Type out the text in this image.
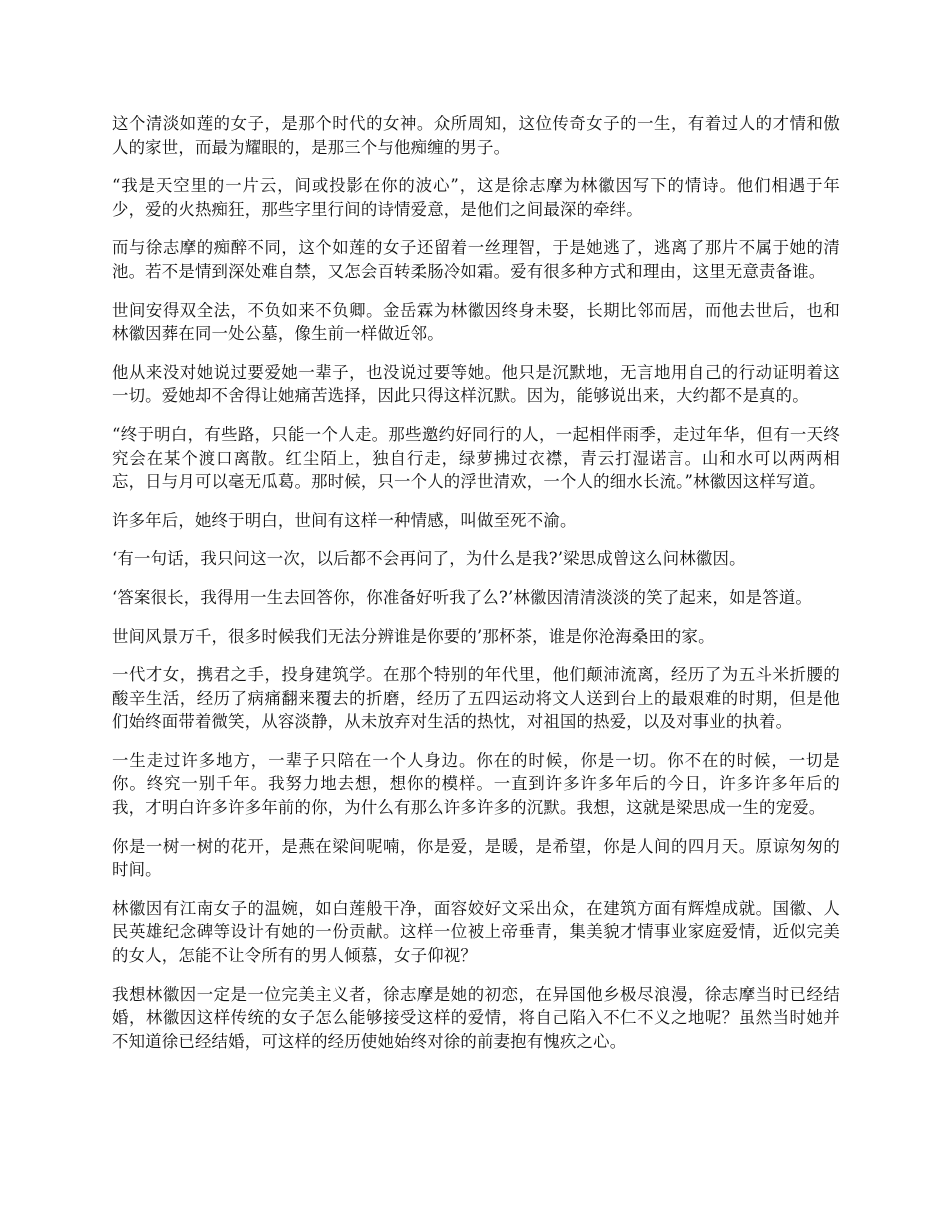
这个清淡如莲的女子，是那个时代的女神。众所周知，这位传奇女子的一生，有着过人的才情和傲人的家世，而最为耀眼的，是那三个与他痴缠的男子。

“我是天空里的一片云，间或投影在你的波心”，这是徐志摩为林徽因写下的情诗。他们相遇于年少，爱的火热痴狂，那些字里行间的诗情爱意，是他们之间最深的牵绊。

而与徐志摩的痴醉不同，这个如莲的女子还留着一丝理智，于是她逃了，逃离了那片不属于她的清池。若不是情到深处难自禁，又怎会百转柔肠冷如霜。爱有很多种方式和理由，这里无意责备谁。

世间安得双全法，不负如来不负卿。金岳霖为林徽因终身未娶，长期比邻而居，而他去世后，也和林徽因葬在同一处公墓，像生前一样做近邻。

他从来没对她说过要爱她一辈子，也没说过要等她。他只是沉默地，无言地用自己的行动证明着这一切。爱她却不舍得让她痛苦选择，因此只得这样沉默。因为，能够说出来，大约都不是真的。

“终于明白，有些路，只能一个人走。那些邀约好同行的人，一起相伴雨季，走过年华，但有一天终究会在某个渡口离散。红尘陌上，独自行走，绿萝拂过衣襟，青云打湿诺言。山和水可以两两相忘，日与月可以毫无瓜葛。那时候，只一个人的浮世清欢，一个人的细水长流。”林徽因这样写道。

许多年后，她终于明白，世间有这样一种情感，叫做至死不渝。

‘有一句话，我只问这一次，以后都不会再问了，为什么是我?’梁思成曾这么问林徽因。

‘答案很长，我得用一生去回答你，你准备好听我了么?’林徽因清清淡淡的笑了起来，如是答道。

世间风景万千，很多时候我们无法分辨谁是你要的’那杯茶，谁是你沧海桑田的家。

一代才女，携君之手，投身建筑学。在那个特别的年代里，他们颠沛流离，经历了为五斗米折腰的酸辛生活，经历了病痛翻来覆去的折磨，经历了五四运动将文人送到台上的最艰难的时期，但是他们始终面带着微笑，从容淡静，从未放弃对生活的热忱，对祖国的热爱，以及对事业的执着。

一生走过许多地方，一辈子只陪在一个人身边。你在的时候，你是一切。你不在的时候，一切是你。终究一别千年。我努力地去想，想你的模样。一直到许多许多年后的今日，许多许多年后的我，才明白许多许多年前的你，为什么有那么许多许多的沉默。我想，这就是梁思成一生的宠爱。

你是一树一树的花开，是燕在梁间呢喃，你是爱，是暖，是希望，你是人间的四月天。原谅匆匆的时间。

林徽因有江南女子的温婉，如白莲般干净，面容姣好文采出众，在建筑方面有辉煌成就。国徽、人民英雄纪念碑等设计有她的一份贡献。这样一位被上帝垂青，集美貌才情事业家庭爱情，近似完美的女人，怎能不让令所有的男人倾慕，女子仰视？

我想林徽因一定是一位完美主义者，徐志摩是她的初恋，在异国他乡极尽浪漫，徐志摩当时已经结婚，林徽因这样传统的女子怎么能够接受这样的爱情，将自己陷入不仁不义之地呢？虽然当时她并不知道徐已经结婚，可这样的经历使她始终对徐的前妻抱有愧疚之心。
